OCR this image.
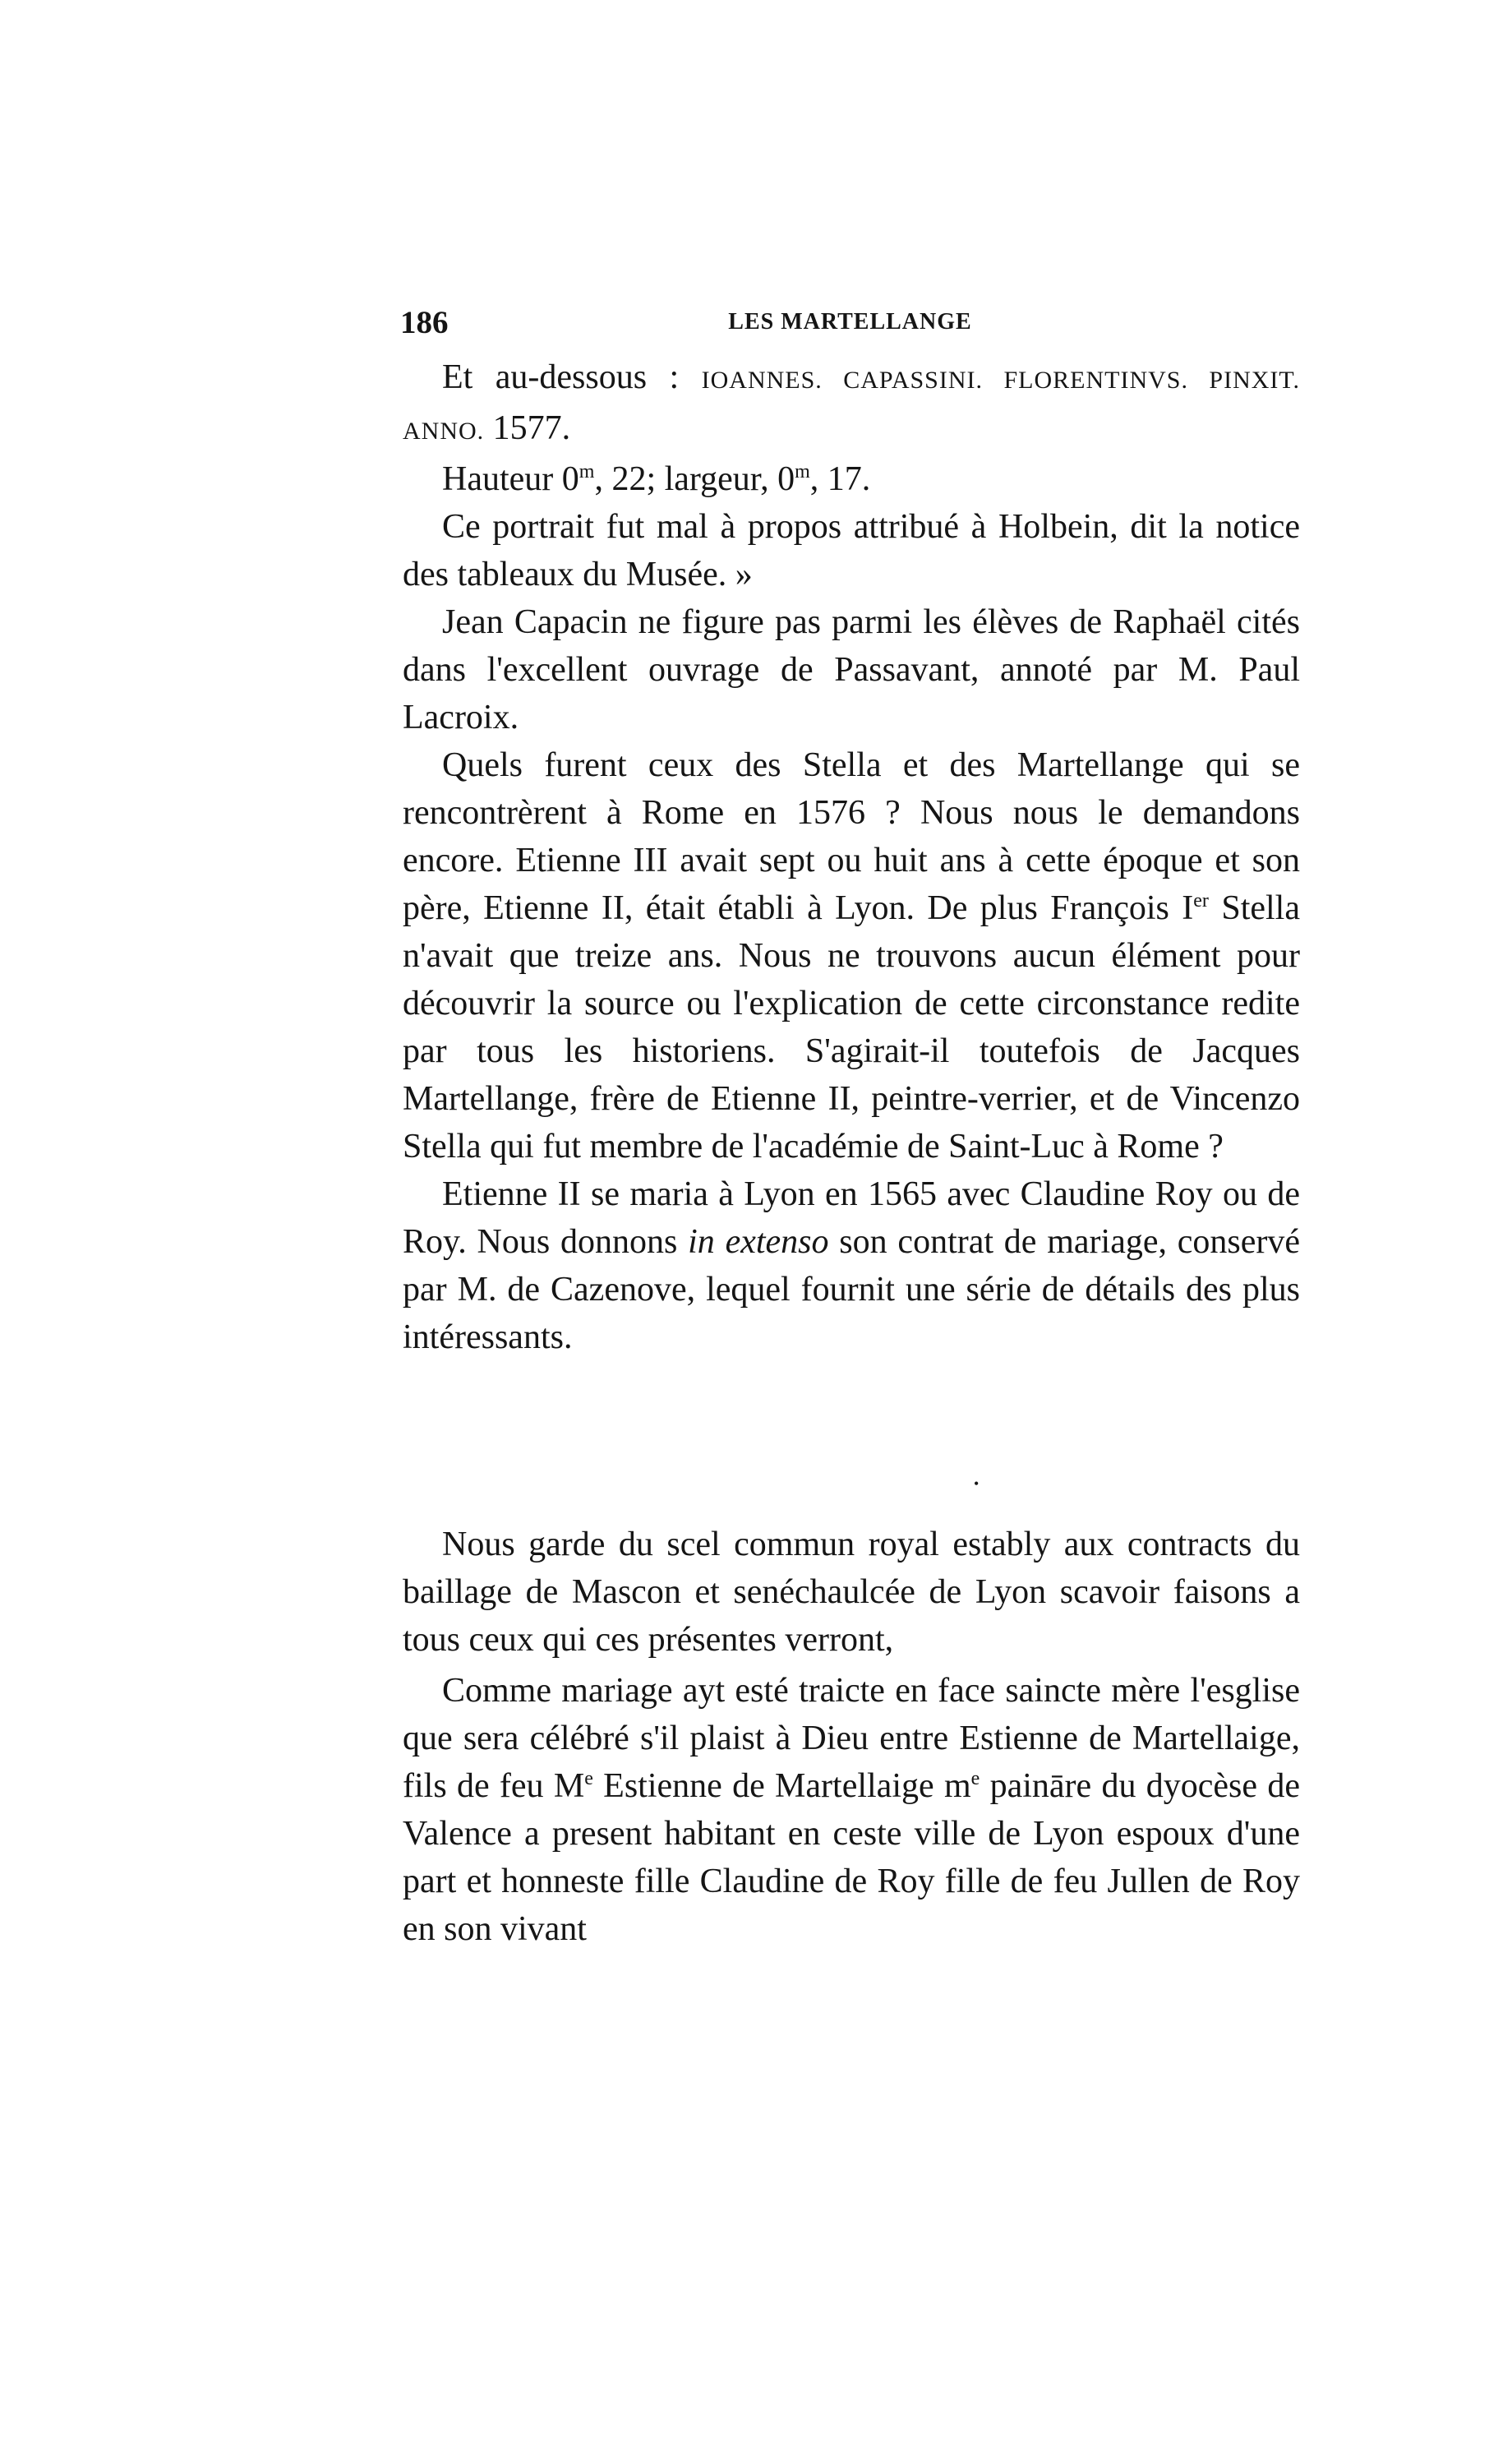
186	LES MARTELLANGE

Et au-dessous : IOANNES. CAPASSINI. FLORENTINVS. PINXIT. ANNO. 1577.

Hauteur 0$^m$, 22; largeur, 0$^m$, 17.

Ce portrait fut mal à propos attribué à Holbein, dit la notice des tableaux du Musée. »

Jean Capacin ne figure pas parmi les élèves de Raphaël cités dans l'excellent ouvrage de Passavant, annoté par M. Paul Lacroix.

Quels furent ceux des Stella et des Martellange qui se rencontrèrent à Rome en 1576 ? Nous nous le demandons encore. Etienne III avait sept ou huit ans à cette époque et son père, Etienne II, était établi à Lyon. De plus François Ier Stella n'avait que treize ans. Nous ne trouvons aucun élément pour découvrir la source ou l'explication de cette circonstance redite par tous les historiens. S'agirait-il toutefois de Jacques Martellange, frère de Etienne II, peintre-verrier, et de Vincenzo Stella qui fut membre de l'académie de Saint-Luc à Rome ?

Etienne II se maria à Lyon en 1565 avec Claudine Roy ou de Roy. Nous donnons in extenso son contrat de mariage, conservé par M. de Cazenove, lequel fournit une série de détails des plus intéressants.

•

Nous garde du scel commun royal estably aux contracts du baillage de Mascon et senéchaulcée de Lyon scavoir faisons a tous ceux qui ces présentes verront,

Comme mariage ayt esté traicte en face saincte mère l'esglise que sera célébré s'il plaist à Dieu entre Estienne de Martellaige, fils de feu Me Estienne de Martellaige $m^e$ paināre du dyocèse de Valence a present habitant en ceste ville de Lyon espoux d'une part et honneste fille Claudine de Roy fille de feu Jullen de Roy en son vivant
